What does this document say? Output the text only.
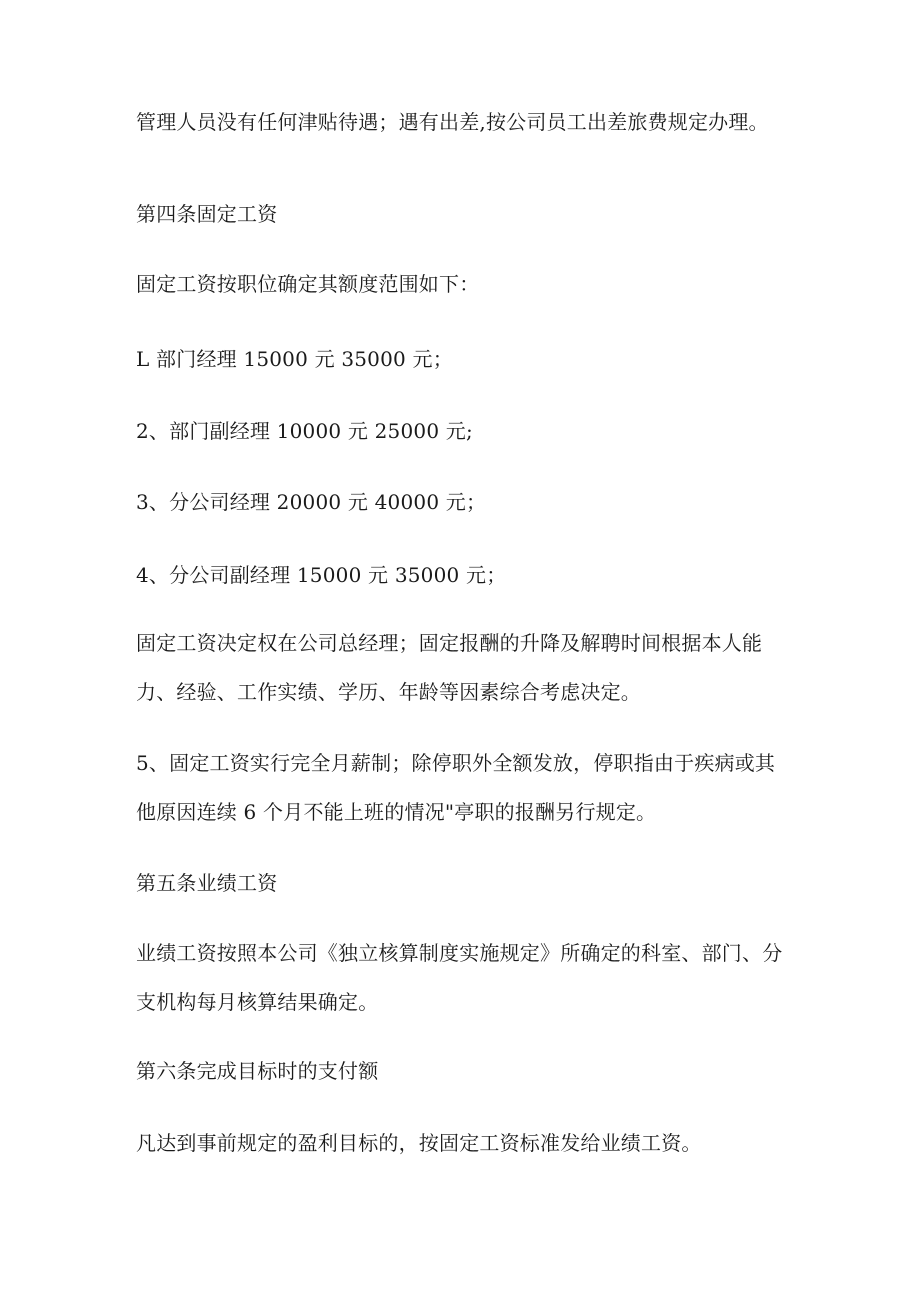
管理人员没有任何津贴待遇；遇有出差,按公司员工出差旅费规定办理。
第四条固定工资
固定工资按职位确定其额度范围如下：
L 部门经理 15000 元 35000 元；
2、部门副经理 10000 元 25000 元;
3、分公司经理 20000 元 40000 元；
4、分公司副经理 15000 元 35000 元；
固定工资决定权在公司总经理；固定报酬的升降及解聘时间根据本人能
力、经验、工作实绩、学历、年龄等因素综合考虑决定。
5、固定工资实行完全月薪制；除停职外全额发放，停职指由于疾病或其
他原因连续 6 个月不能上班的情况"亭职的报酬另行规定。
第五条业绩工资
业绩工资按照本公司《独立核算制度实施规定》所确定的科室、部门、分
支机构每月核算结果确定。
第六条完成目标时的支付额
凡达到事前规定的盈利目标的，按固定工资标准发给业绩工资。
